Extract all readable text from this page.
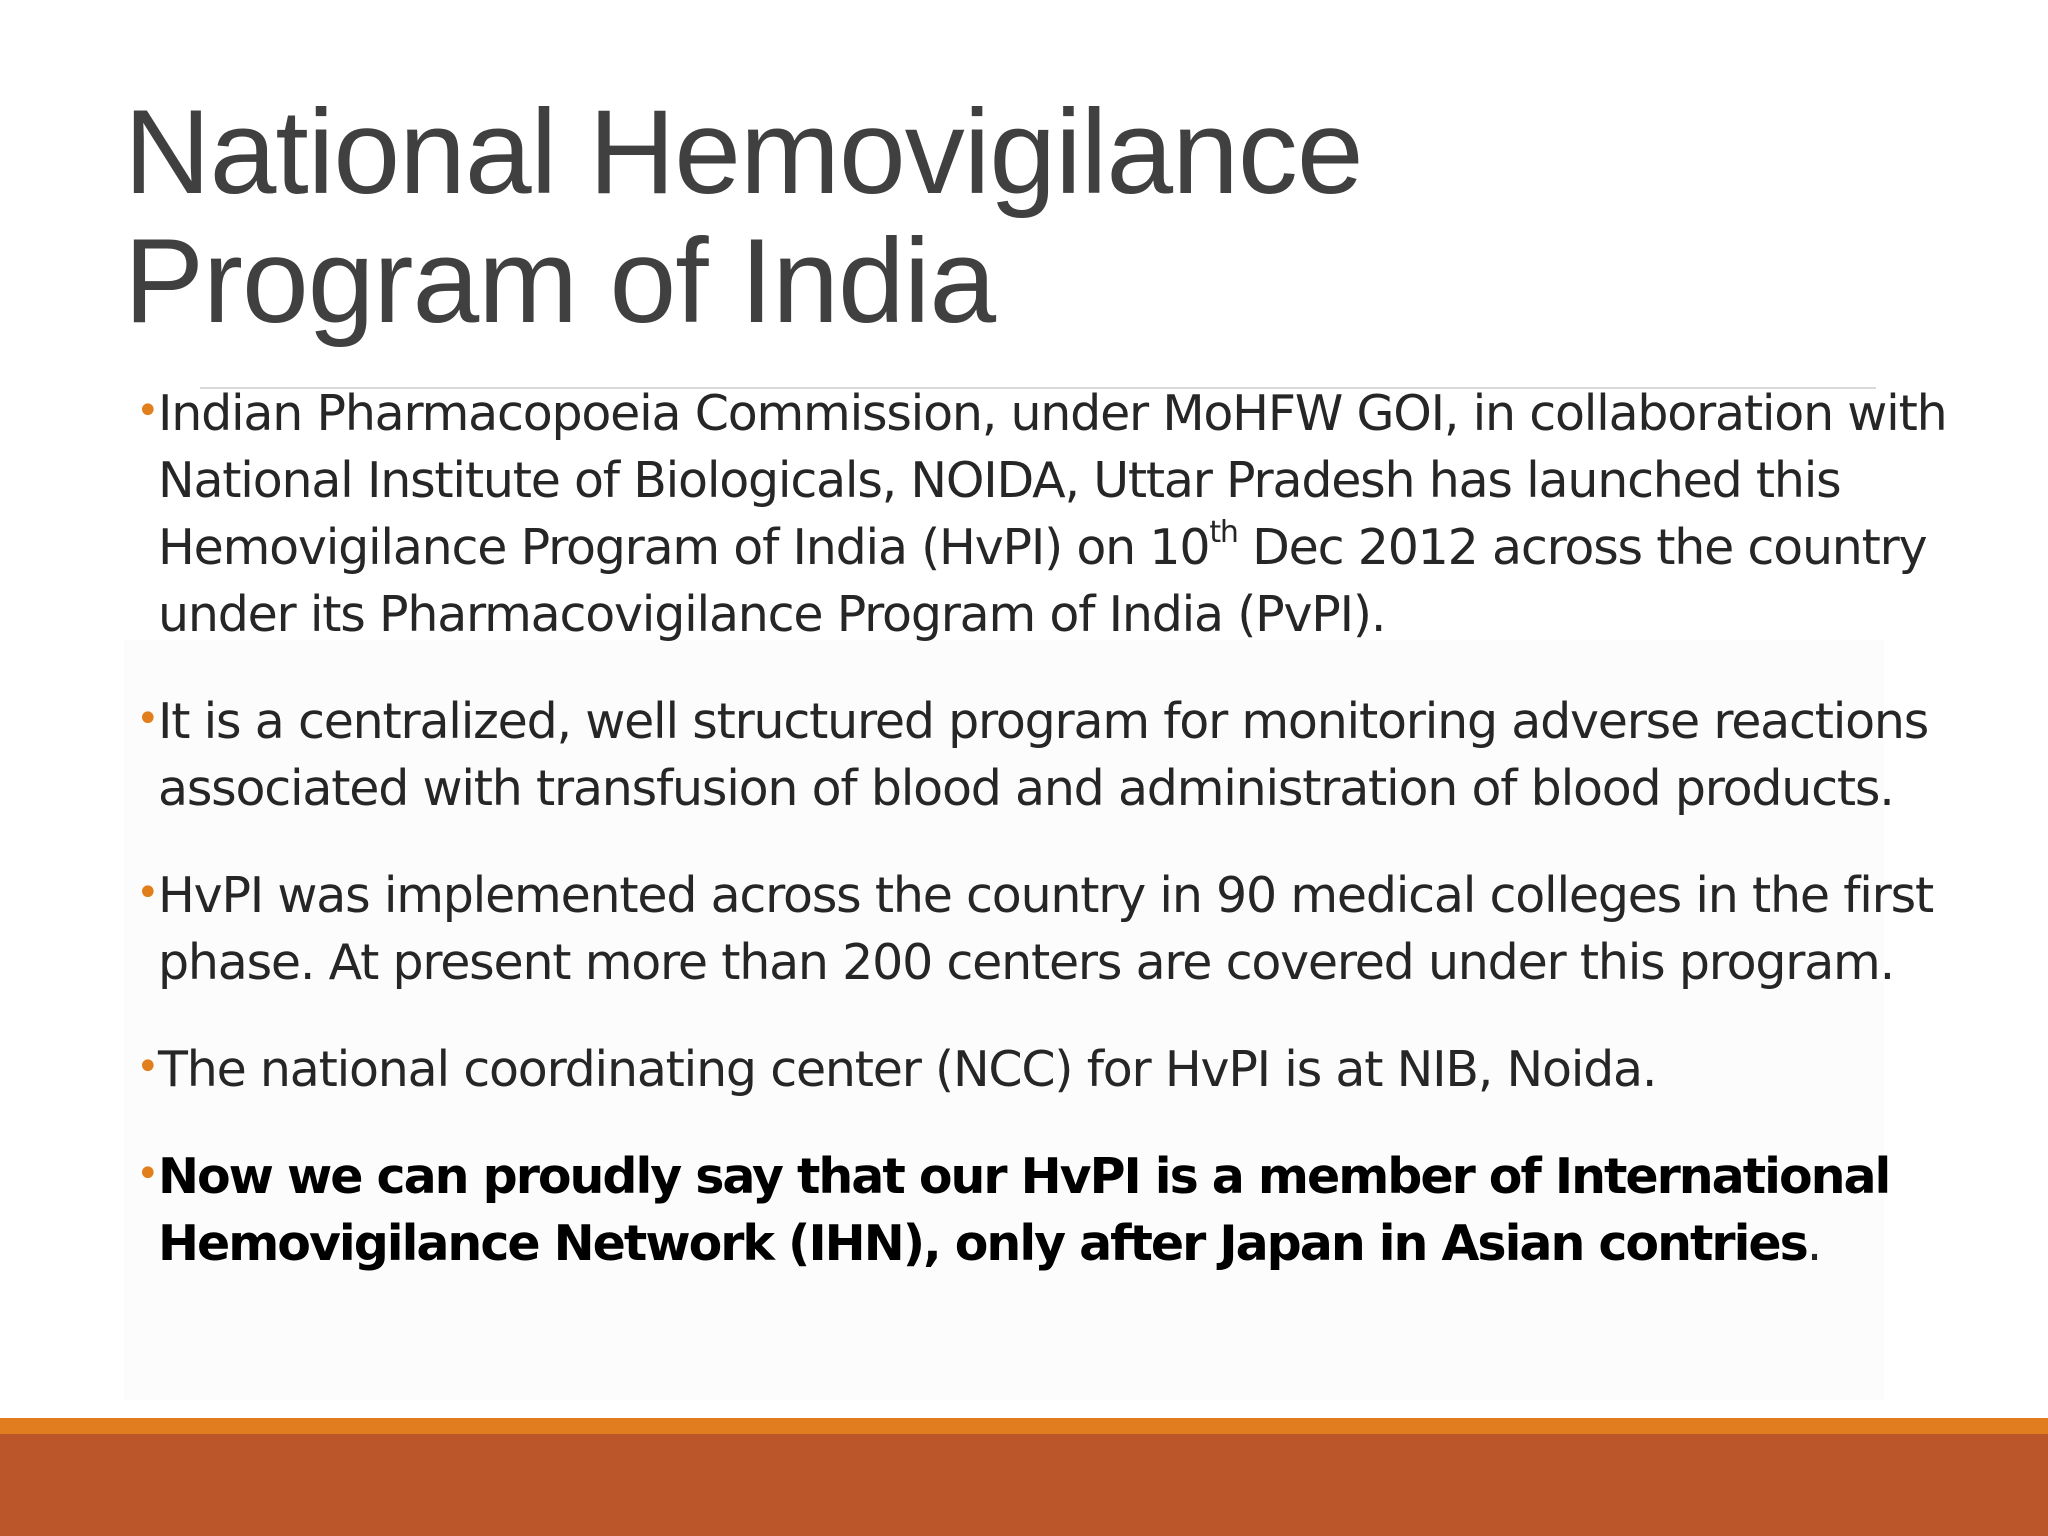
National Hemovigilance
Program of India
• Indian Pharmacopoeia Commission, under MoHFW GOI, in collaboration with National Institute of Biologicals, NOIDA, Uttar Pradesh has launched this Hemovigilance Program of India (HvPI) on 10th Dec 2012 across the country under its Pharmacovigilance Program of India (PvPI).
• It is a centralized, well structured program for monitoring adverse reactions associated with transfusion of blood and administration of blood products.
• HvPI was implemented across the country in 90 medical colleges in the first phase. At present more than 200 centers are covered under this program.
• The national coordinating center (NCC) for HvPI is at NIB, Noida.
• Now we can proudly say that our HvPI is a member of International Hemovigilance Network (IHN), only after Japan in Asian contries.
